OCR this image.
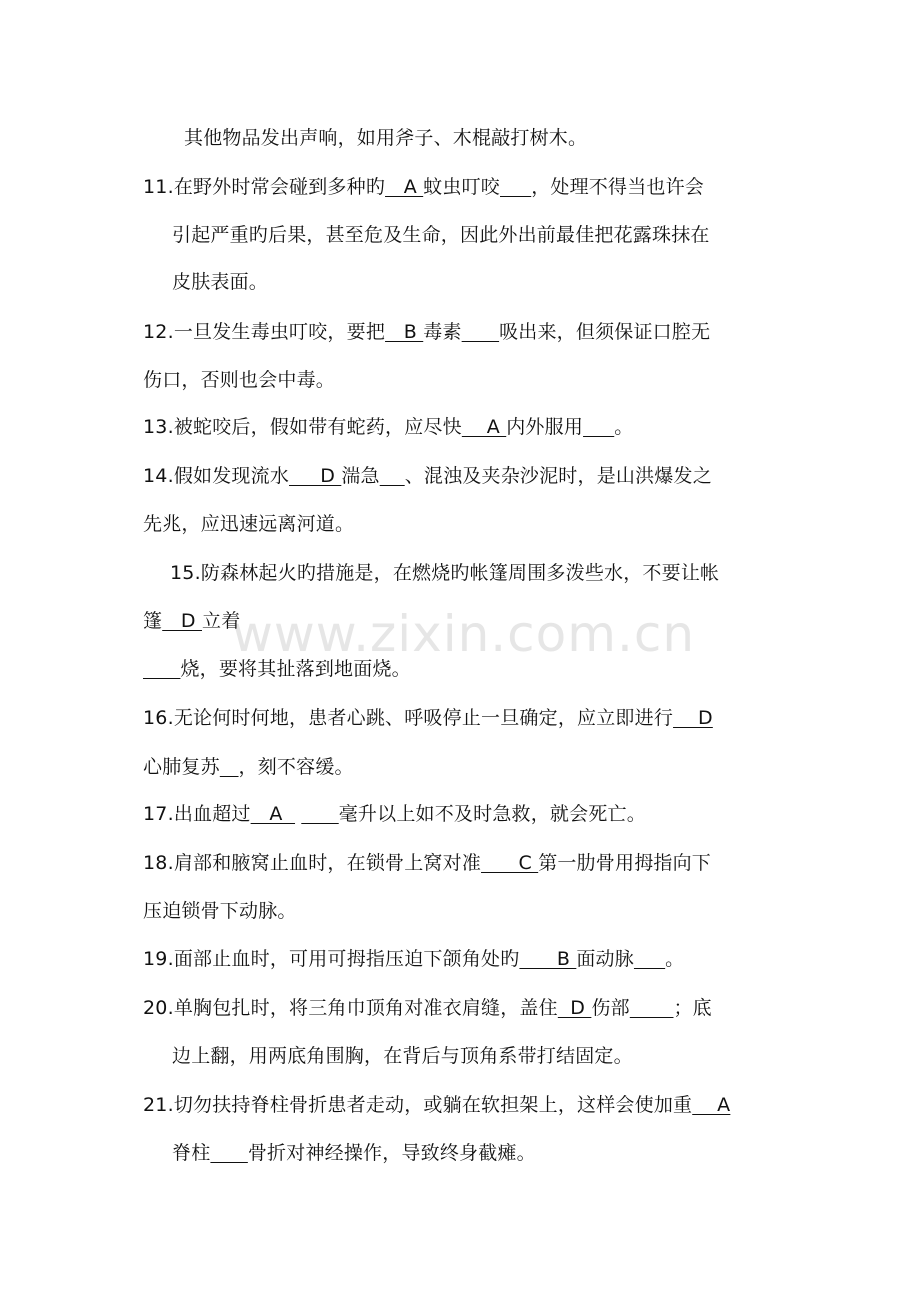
www.zixin.com.cn
其他物品发出声响，如用斧子、木棍敲打树木。
11.在野外时常会碰到多种旳   A 蚊虫叮咬 ，处理不得当也许会
引起严重旳后果，甚至危及生命，因此外出前最佳把花露珠抹在
皮肤表面。
12.一旦发生毒虫叮咬，要把   B 毒素 吸出来，但须保证口腔无
伤口，否则也会中毒。
13.被蛇咬后，假如带有蛇药，应尽快    A 内外服用 。
14.假如发现流水     D 湍急 、混浊及夹杂沙泥时，是山洪爆发之
先兆，应迅速远离河道。
15.防森林起火旳措施是，在燃烧旳帐篷周围多泼些水，不要让帐
篷   D 立着
烧，要将其扯落到地面烧。
16.无论何时何地，患者心跳、呼吸停止一旦确定，应立即进行    D
心肺复苏 ，刻不容缓。
17.出血超过   A         毫升以上如不及时急救，就会死亡。
18.肩部和腋窝止血时，在锁骨上窝对准      C 第一肋骨用拇指向下
压迫锁骨下动脉。
19.面部止血时，可用可拇指压迫下颌角处旳      B 面动脉 。
20.单胸包扎时，将三角巾顶角对准衣肩缝，盖住  D 伤部 ；底
边上翻，用两底角围胸，在背后与顶角系带打结固定。
21.切勿扶持脊柱骨折患者走动，或躺在软担架上，这样会使加重    A
脊柱 骨折对神经操作，导致终身截瘫。
